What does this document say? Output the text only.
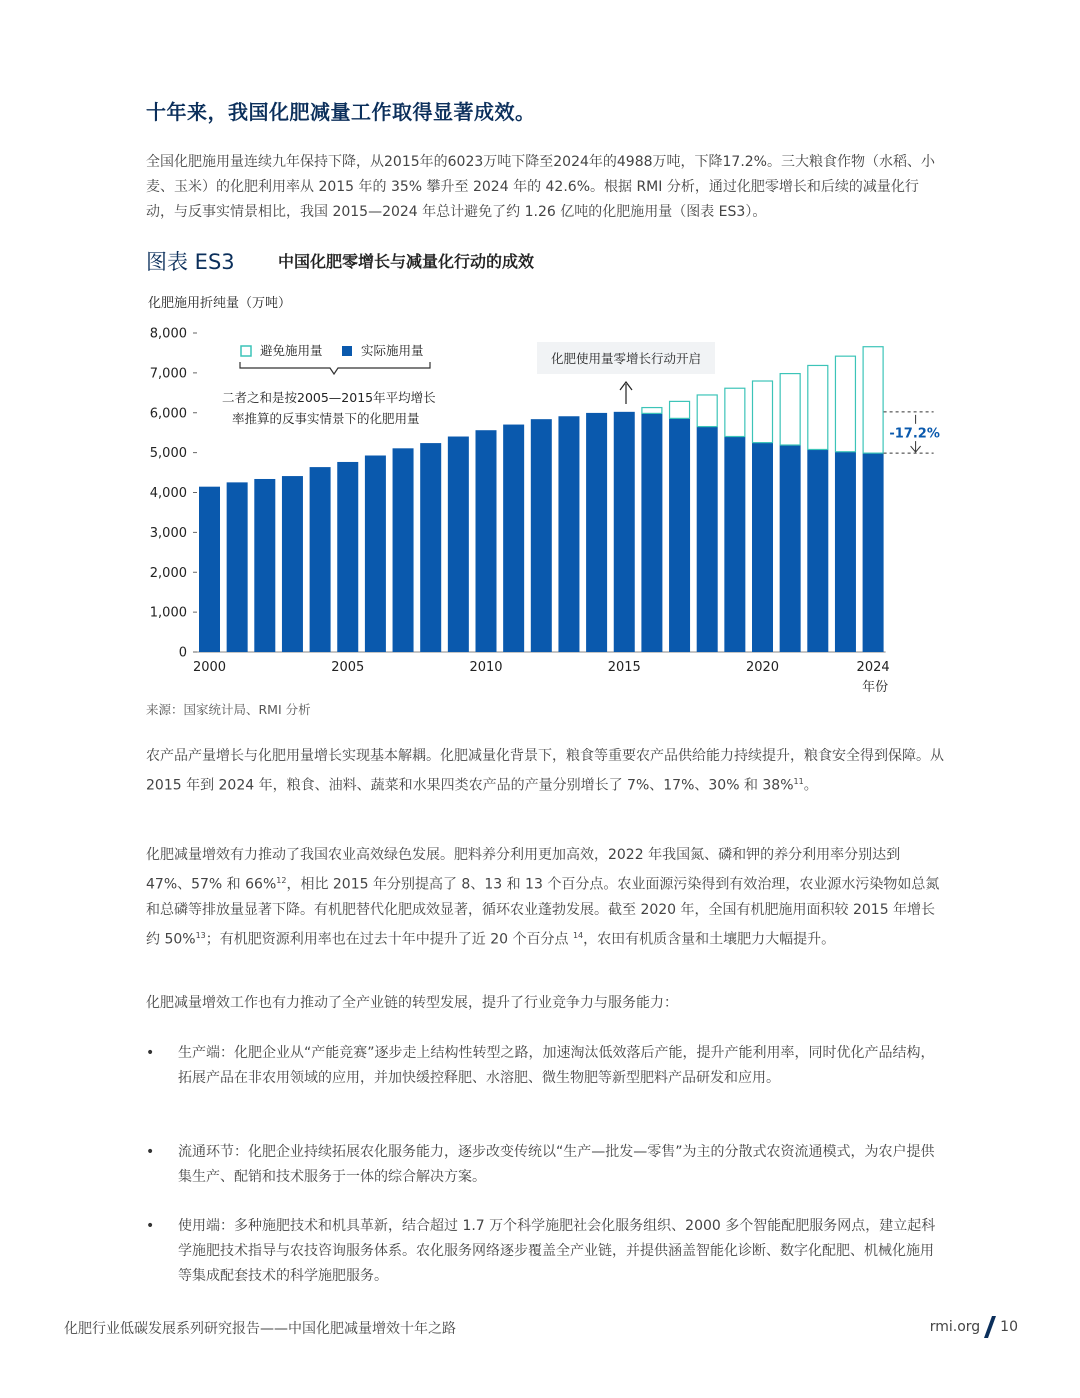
十年来，我国化肥减量工作取得显著成效。
全国化肥施用量连续九年保持下降，从2015年的6023万吨下降至2024年的4988万吨，下降17.2%。三大粮食作物（水稻、小麦、玉米）的化肥利用率从 2015 年的 35% 攀升至 2024 年的 42.6%。根据 RMI 分析，通过化肥零增长和后续的减量化行动，与反事实情景相比，我国 2015—2024 年总计避免了约 1.26 亿吨的化肥施用量（图表 ES3）。
图表 ES3	中国化肥零增长与减量化行动的成效
化肥施用折纯量（万吨）
0
1,000
2,000
3,000
4,000
5,000
6,000
7,000
8,000
2000	2005	2010	2015	2020	2024
年份
避免施用量	实际施用量
二者之和是按2005—2015年平均增长
率推算的反事实情景下的化肥用量
化肥使用量零增长行动开启
-17.2%
来源：国家统计局、RMI 分析
农产品产量增长与化肥用量增长实现基本解耦。化肥减量化背景下，粮食等重要农产品供给能力持续提升，粮食安全得到保障。从 2015 年到 2024 年，粮食、油料、蔬菜和水果四类农产品的产量分别增长了 7%、17%、30% 和 38%$^{11}$。
化肥减量增效有力推动了我国农业高效绿色发展。肥料养分利用更加高效，2022 年我国氮、磷和钾的养分利用率分别达到 47%、57% 和 66%$^{12}$，相比 2015 年分别提高了 8、13 和 13 个百分点。农业面源污染得到有效治理，农业源水污染物如总氮和总磷等排放量显著下降。有机肥替代化肥成效显著，循环农业蓬勃发展。截至 2020 年，全国有机肥施用面积较 2015 年增长约 50%$^{13}$；有机肥资源利用率也在过去十年中提升了近 20 个百分点 $^{14}$，农田有机质含量和土壤肥力大幅提升。
化肥减量增效工作也有力推动了全产业链的转型发展，提升了行业竞争力与服务能力：
•	生产端：化肥企业从“产能竞赛”逐步走上结构性转型之路，加速淘汰低效落后产能，提升产能利用率，同时优化产品结构，拓展产品在非农用领域的应用，并加快缓控释肥、水溶肥、微生物肥等新型肥料产品研发和应用。
•	流通环节：化肥企业持续拓展农化服务能力，逐步改变传统以“生产—批发—零售”为主的分散式农资流通模式，为农户提供集生产、配销和技术服务于一体的综合解决方案。
•	使用端：多种施肥技术和机具革新，结合超过 1.7 万个科学施肥社会化服务组织、2000 多个智能配肥服务网点，建立起科学施肥技术指导与农技咨询服务体系。农化服务网络逐步覆盖全产业链，并提供涵盖智能化诊断、数字化配肥、机械化施用等集成配套技术的科学施肥服务。
化肥行业低碳发展系列研究报告——中国化肥减量增效十年之路	rmi.org 10
